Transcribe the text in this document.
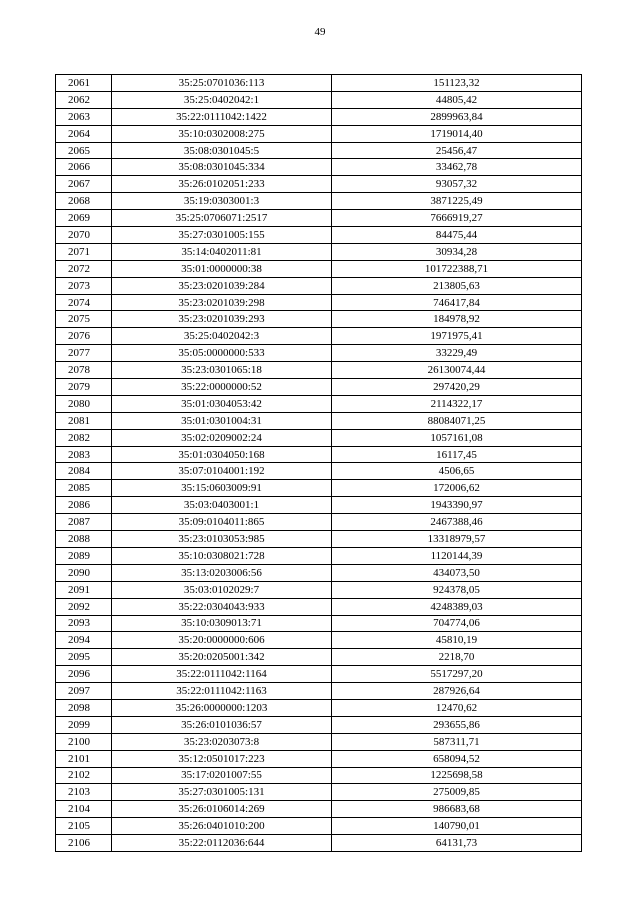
49
2061	35:25:0701036:113	151123,32
2062	35:25:0402042:1	44805,42
2063	35:22:0111042:1422	2899963,84
2064	35:10:0302008:275	1719014,40
2065	35:08:0301045:5	25456,47
2066	35:08:0301045:334	33462,78
2067	35:26:0102051:233	93057,32
2068	35:19:0303001:3	3871225,49
2069	35:25:0706071:2517	7666919,27
2070	35:27:0301005:155	84475,44
2071	35:14:0402011:81	30934,28
2072	35:01:0000000:38	101722388,71
2073	35:23:0201039:284	213805,63
2074	35:23:0201039:298	746417,84
2075	35:23:0201039:293	184978,92
2076	35:25:0402042:3	1971975,41
2077	35:05:0000000:533	33229,49
2078	35:23:0301065:18	26130074,44
2079	35:22:0000000:52	297420,29
2080	35:01:0304053:42	2114322,17
2081	35:01:0301004:31	88084071,25
2082	35:02:0209002:24	1057161,08
2083	35:01:0304050:168	16117,45
2084	35:07:0104001:192	4506,65
2085	35:15:0603009:91	172006,62
2086	35:03:0403001:1	1943390,97
2087	35:09:0104011:865	2467388,46
2088	35:23:0103053:985	13318979,57
2089	35:10:0308021:728	1120144,39
2090	35:13:0203006:56	434073,50
2091	35:03:0102029:7	924378,05
2092	35:22:0304043:933	4248389,03
2093	35:10:0309013:71	704774,06
2094	35:20:0000000:606	45810,19
2095	35:20:0205001:342	2218,70
2096	35:22:0111042:1164	5517297,20
2097	35:22:0111042:1163	287926,64
2098	35:26:0000000:1203	12470,62
2099	35:26:0101036:57	293655,86
2100	35:23:0203073:8	587311,71
2101	35:12:0501017:223	658094,52
2102	35:17:0201007:55	1225698,58
2103	35:27:0301005:131	275009,85
2104	35:26:0106014:269	986683,68
2105	35:26:0401010:200	140790,01
2106	35:22:0112036:644	64131,73
